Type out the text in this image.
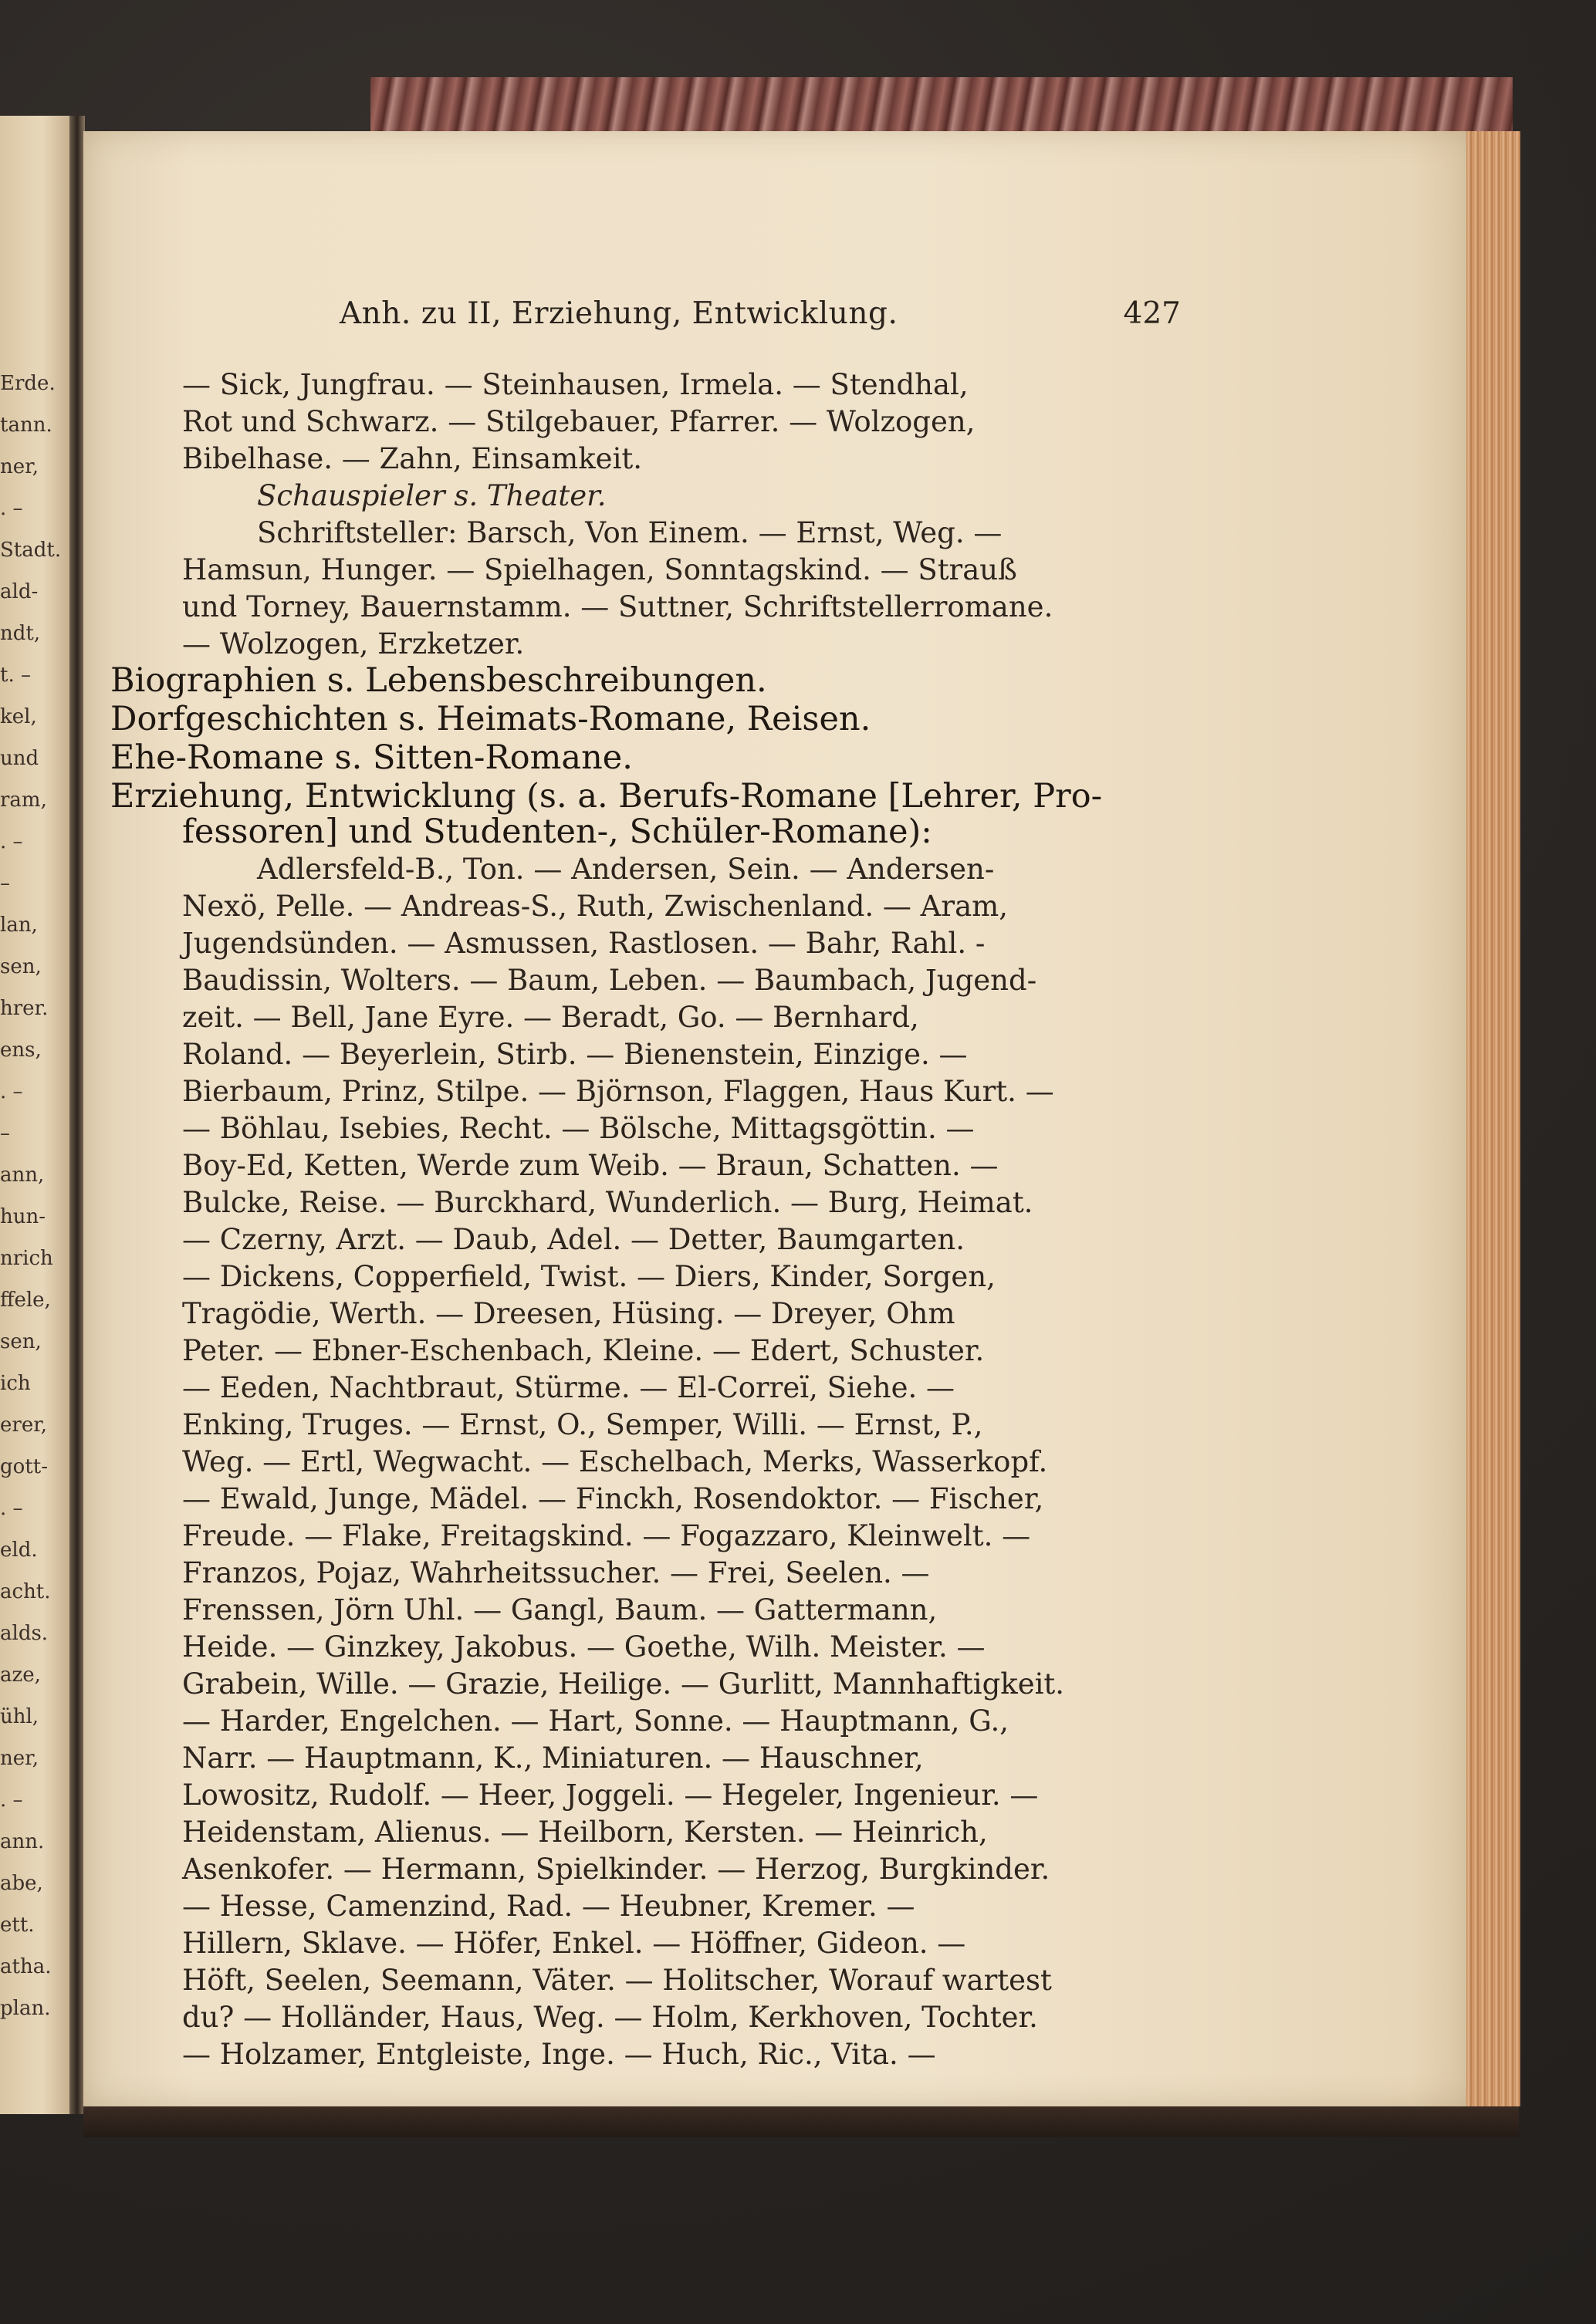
Erde.
tann.
ner,
. –
Stadt.
ald-
ndt,
t. –
kel,
und
ram,
. –
–
lan,
sen,
hrer.
ens,
. –
–
ann,
hun-
nrich
ffele,
sen,
ich
erer,
gott-
. –
eld.
acht.
alds.
aze,
ühl,
ner,
. –
ann.
abe,
ett.
atha.
plan.
Anh. zu II, Erziehung, Entwicklung.	427
— Sick, Jungfrau. — Steinhausen, Irmela. — Stendhal,
Rot und Schwarz. — Stilgebauer, Pfarrer. — Wolzogen,
Bibelhase. — Zahn, Einsamkeit.
Schauspieler s. Theater.
Schriftsteller: Barsch, Von Einem. — Ernst, Weg. —
Hamsun, Hunger. — Spielhagen, Sonntagskind. — Strauß
und Torney, Bauernstamm. — Suttner, Schriftstellerromane.
— Wolzogen, Erzketzer.
Biographien s. Lebensbeschreibungen.
Dorfgeschichten s. Heimats-Romane, Reisen.
Ehe-Romane s. Sitten-Romane.
Erziehung, Entwicklung (s. a. Berufs-Romane [Lehrer, Pro-
fessoren] und Studenten-, Schüler-Romane):
Adlersfeld-B., Ton. — Andersen, Sein. — Andersen-
Nexö, Pelle. — Andreas-S., Ruth, Zwischenland. — Aram,
Jugendsünden. — Asmussen, Rastlosen. — Bahr, Rahl. -
Baudissin, Wolters. — Baum, Leben. — Baumbach, Jugend-
zeit. — Bell, Jane Eyre. — Beradt, Go. — Bernhard,
Roland. — Beyerlein, Stirb. — Bienenstein, Einzige. —
Bierbaum, Prinz, Stilpe. — Björnson, Flaggen, Haus Kurt. —
— Böhlau, Isebies, Recht. — Bölsche, Mittagsgöttin. —
Boy-Ed, Ketten, Werde zum Weib. — Braun, Schatten. —
Bulcke, Reise. — Burckhard, Wunderlich. — Burg, Heimat.
— Czerny, Arzt. — Daub, Adel. — Detter, Baumgarten.
— Dickens, Copperfield, Twist. — Diers, Kinder, Sorgen,
Tragödie, Werth. — Dreesen, Hüsing. — Dreyer, Ohm
Peter. — Ebner-Eschenbach, Kleine. — Edert, Schuster.
— Eeden, Nachtbraut, Stürme. — El-Correï, Siehe. —
Enking, Truges. — Ernst, O., Semper, Willi. — Ernst, P.,
Weg. — Ertl, Wegwacht. — Eschelbach, Merks, Wasserkopf.
— Ewald, Junge, Mädel. — Finckh, Rosendoktor. — Fischer,
Freude. — Flake, Freitagskind. — Fogazzaro, Kleinwelt. —
Franzos, Pojaz, Wahrheitssucher. — Frei, Seelen. —
Frenssen, Jörn Uhl. — Gangl, Baum. — Gattermann,
Heide. — Ginzkey, Jakobus. — Goethe, Wilh. Meister. —
Grabein, Wille. — Grazie, Heilige. — Gurlitt, Mannhaftigkeit.
— Harder, Engelchen. — Hart, Sonne. — Hauptmann, G.,
Narr. — Hauptmann, K., Miniaturen. — Hauschner,
Lowositz, Rudolf. — Heer, Joggeli. — Hegeler, Ingenieur. —
Heidenstam, Alienus. — Heilborn, Kersten. — Heinrich,
Asenkofer. — Hermann, Spielkinder. — Herzog, Burgkinder.
— Hesse, Camenzind, Rad. — Heubner, Kremer. —
Hillern, Sklave. — Höfer, Enkel. — Höffner, Gideon. —
Höft, Seelen, Seemann, Väter. — Holitscher, Worauf wartest
du? — Holländer, Haus, Weg. — Holm, Kerkhoven, Tochter.
— Holzamer, Entgleiste, Inge. — Huch, Ric., Vita. —
